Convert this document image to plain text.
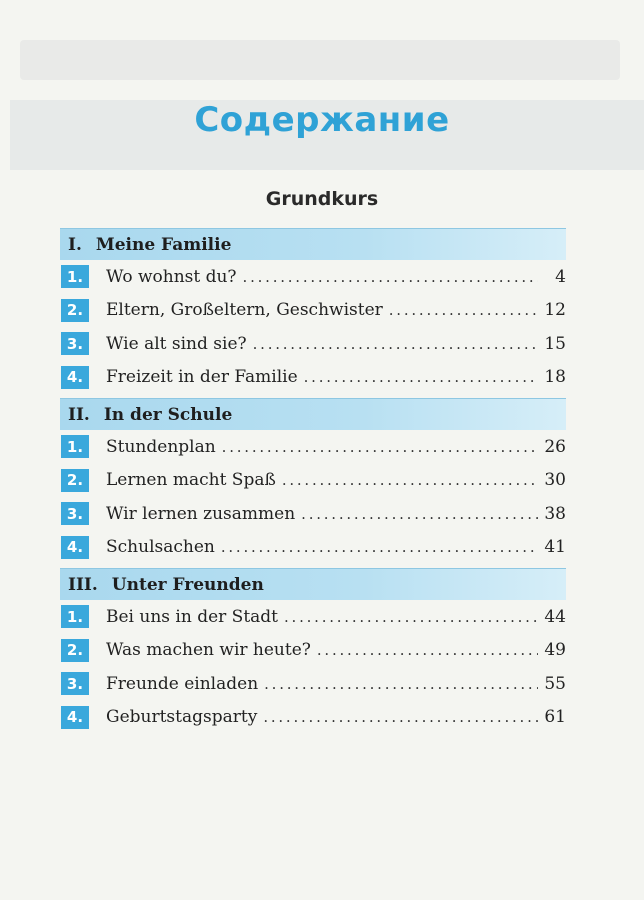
Содержание
Grundkurs
I. Meine Familie
1.	Wo wohnst du? . . .	4
2.	Eltern, Großeltern, Geschwister . . .	12
3.	Wie alt sind sie? . . .	15
4.	Freizeit in der Familie . . .	18
II. In der Schule
1.	Stundenplan . . .	26
2.	Lernen macht Spaß . . .	30
3.	Wir lernen zusammen . . .	38
4.	Schulsachen . . .	41
III. Unter Freunden
1.	Bei uns in der Stadt . . .	44
2.	Was machen wir heute? . . .	49
3.	Freunde einladen . . .	55
4.	Geburtstagsparty . . .	61
